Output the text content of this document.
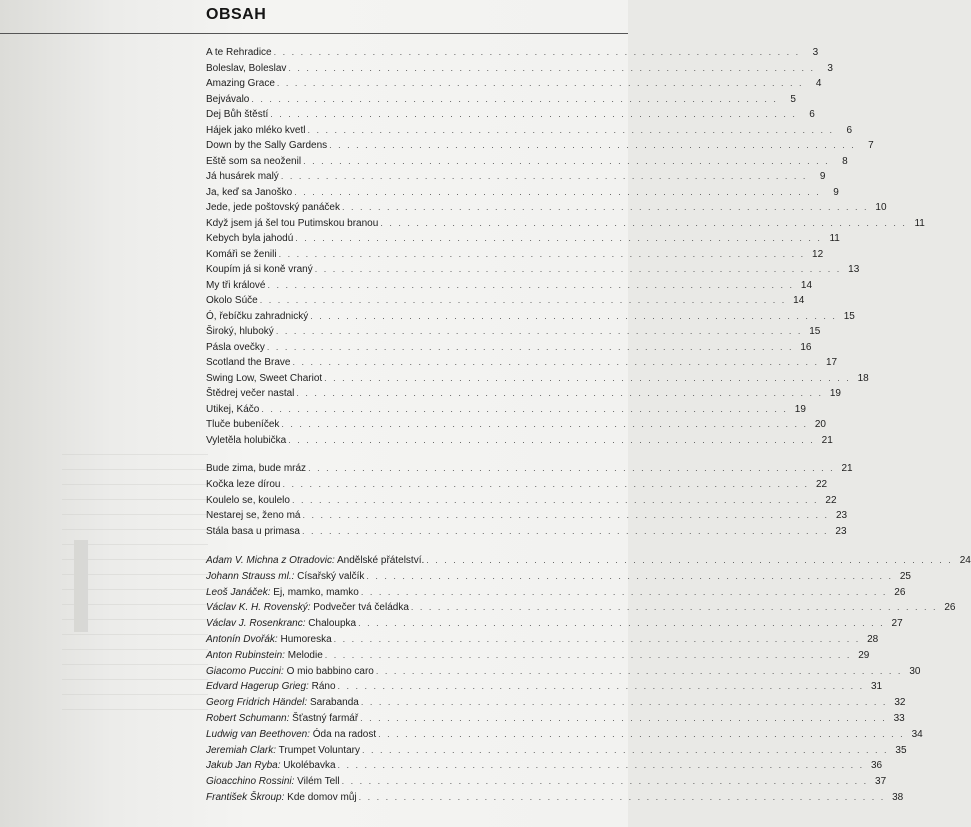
OBSAH
A te Rehradice . . . . . . . . . . . . . . . . . . . . . . . . . . . . . . . . . . . . . . . . . . . . . . . . . . . . . . . . . . .	3
Boleslav, Boleslav . . . . . . . . . . . . . . . . . . . . . . . . . . . . . . . . . . . . . . . . . . . . . . . . . . . . . . . . . . .	3
Amazing Grace . . . . . . . . . . . . . . . . . . . . . . . . . . . . . . . . . . . . . . . . . . . . . . . . . . . . . . . . . . .	4
Bejvávalo . . . . . . . . . . . . . . . . . . . . . . . . . . . . . . . . . . . . . . . . . . . . . . . . . . . . . . . . . . .	5
Dej Bůh štěstí . . . . . . . . . . . . . . . . . . . . . . . . . . . . . . . . . . . . . . . . . . . . . . . . . . . . . . . . . . .	6
Hájek jako mléko kvetl . . . . . . . . . . . . . . . . . . . . . . . . . . . . . . . . . . . . . . . . . . . . . . . . . . . . . . . . . . .	6
Down by the Sally Gardens . . . . . . . . . . . . . . . . . . . . . . . . . . . . . . . . . . . . . . . . . . . . . . . . . . . . . . . . . . .	7
Eště som sa neoženil . . . . . . . . . . . . . . . . . . . . . . . . . . . . . . . . . . . . . . . . . . . . . . . . . . . . . . . . . . .	8
Já husárek malý . . . . . . . . . . . . . . . . . . . . . . . . . . . . . . . . . . . . . . . . . . . . . . . . . . . . . . . . . . .	9
Ja, keď sa Janoško . . . . . . . . . . . . . . . . . . . . . . . . . . . . . . . . . . . . . . . . . . . . . . . . . . . . . . . . . . .	9
Jede, jede poštovský panáček . . . . . . . . . . . . . . . . . . . . . . . . . . . . . . . . . . . . . . . . . . . . . . . . . . . . . . . . . . . 10
Když jsem já šel tou Putimskou branou . . . . . . . . . . . . . . . . . . . . . . . . . . . . . . . . . . . . . . . . . . . . . . . . . . . . . . . . . . . 11
Kebych byla jahodú . . . . . . . . . . . . . . . . . . . . . . . . . . . . . . . . . . . . . . . . . . . . . . . . . . . . . . . . . . . 11
Komáři se ženili . . . . . . . . . . . . . . . . . . . . . . . . . . . . . . . . . . . . . . . . . . . . . . . . . . . . . . . . . . . 12
Koupím já si koně vraný . . . . . . . . . . . . . . . . . . . . . . . . . . . . . . . . . . . . . . . . . . . . . . . . . . . . . . . . . . . 13
My tři králové . . . . . . . . . . . . . . . . . . . . . . . . . . . . . . . . . . . . . . . . . . . . . . . . . . . . . . . . . . . 14
Okolo Súče . . . . . . . . . . . . . . . . . . . . . . . . . . . . . . . . . . . . . . . . . . . . . . . . . . . . . . . . . . . 14
Ó, řebíčku zahradnický . . . . . . . . . . . . . . . . . . . . . . . . . . . . . . . . . . . . . . . . . . . . . . . . . . . . . . . . . . . 15
Široký, hluboký . . . . . . . . . . . . . . . . . . . . . . . . . . . . . . . . . . . . . . . . . . . . . . . . . . . . . . . . . . . 15
Pásla ovečky . . . . . . . . . . . . . . . . . . . . . . . . . . . . . . . . . . . . . . . . . . . . . . . . . . . . . . . . . . . 16
Scotland the Brave . . . . . . . . . . . . . . . . . . . . . . . . . . . . . . . . . . . . . . . . . . . . . . . . . . . . . . . . . . . 17
Swing Low, Sweet Chariot . . . . . . . . . . . . . . . . . . . . . . . . . . . . . . . . . . . . . . . . . . . . . . . . . . . . . . . . . . . 18
Štědrej večer nastal . . . . . . . . . . . . . . . . . . . . . . . . . . . . . . . . . . . . . . . . . . . . . . . . . . . . . . . . . . . 19
Utikej, Káčo . . . . . . . . . . . . . . . . . . . . . . . . . . . . . . . . . . . . . . . . . . . . . . . . . . . . . . . . . . . 19
Tluče bubeníček . . . . . . . . . . . . . . . . . . . . . . . . . . . . . . . . . . . . . . . . . . . . . . . . . . . . . . . . . . . 20
Vyletěla holubička . . . . . . . . . . . . . . . . . . . . . . . . . . . . . . . . . . . . . . . . . . . . . . . . . . . . . . . . . . . 21
Bude zima, bude mráz . . . . . . . . . . . . . . . . . . . . . . . . . . . . . . . . . . . . . . . . . . . . . . . . . . . . . . . . . . . 21
Kočka leze dírou . . . . . . . . . . . . . . . . . . . . . . . . . . . . . . . . . . . . . . . . . . . . . . . . . . . . . . . . . . . 22
Koulelo se, koulelo . . . . . . . . . . . . . . . . . . . . . . . . . . . . . . . . . . . . . . . . . . . . . . . . . . . . . . . . . . . 22
Nestarej se, ženo má . . . . . . . . . . . . . . . . . . . . . . . . . . . . . . . . . . . . . . . . . . . . . . . . . . . . . . . . . . . 23
Stála basa u primasa . . . . . . . . . . . . . . . . . . . . . . . . . . . . . . . . . . . . . . . . . . . . . . . . . . . . . . . . . . . 23
Adam V. Michna z Otradovic: Andělské přátelství. . . . . . . . . . . . . . . . . . . . . . . . . . . . . . . . . . . . . . . . . . . . . . . . . . . . . . . . . . . . 24
Johann Strauss ml.: Císařský valčík . . . . . . . . . . . . . . . . . . . . . . . . . . . . . . . . . . . . . . . . . . . . . . . . . . . . . . . . . . . 25
Leoš Janáček: Ej, mamko, mamko . . . . . . . . . . . . . . . . . . . . . . . . . . . . . . . . . . . . . . . . . . . . . . . . . . . . . . . . . . . 26
Václav K. H. Rovenský: Podvečer tvá čeládka . . . . . . . . . . . . . . . . . . . . . . . . . . . . . . . . . . . . . . . . . . . . . . . . . . . . . . . . . . . 26
Václav J. Rosenkranc: Chaloupka . . . . . . . . . . . . . . . . . . . . . . . . . . . . . . . . . . . . . . . . . . . . . . . . . . . . . . . . . . . 27
Antonín Dvořák: Humoreska . . . . . . . . . . . . . . . . . . . . . . . . . . . . . . . . . . . . . . . . . . . . . . . . . . . . . . . . . . . 28
Anton Rubinstein: Melodie . . . . . . . . . . . . . . . . . . . . . . . . . . . . . . . . . . . . . . . . . . . . . . . . . . . . . . . . . . . 29
Giacomo Puccini: O mio babbino caro . . . . . . . . . . . . . . . . . . . . . . . . . . . . . . . . . . . . . . . . . . . . . . . . . . . . . . . . . . . 30
Edvard Hagerup Grieg: Ráno . . . . . . . . . . . . . . . . . . . . . . . . . . . . . . . . . . . . . . . . . . . . . . . . . . . . . . . . . . . 31
Georg Fridrich Händel: Sarabanda . . . . . . . . . . . . . . . . . . . . . . . . . . . . . . . . . . . . . . . . . . . . . . . . . . . . . . . . . . . 32
Robert Schumann: Šťastný farmář . . . . . . . . . . . . . . . . . . . . . . . . . . . . . . . . . . . . . . . . . . . . . . . . . . . . . . . . . . . 33
Ludwig van Beethoven: Óda na radost . . . . . . . . . . . . . . . . . . . . . . . . . . . . . . . . . . . . . . . . . . . . . . . . . . . . . . . . . . . 34
Jeremiah Clark: Trumpet Voluntary . . . . . . . . . . . . . . . . . . . . . . . . . . . . . . . . . . . . . . . . . . . . . . . . . . . . . . . . . . . 35
Jakub Jan Ryba: Ukolébavka . . . . . . . . . . . . . . . . . . . . . . . . . . . . . . . . . . . . . . . . . . . . . . . . . . . . . . . . . . . 36
Gioacchino Rossini: Vilém Tell . . . . . . . . . . . . . . . . . . . . . . . . . . . . . . . . . . . . . . . . . . . . . . . . . . . . . . . . . . . 37
František Škroup: Kde domov můj . . . . . . . . . . . . . . . . . . . . . . . . . . . . . . . . . . . . . . . . . . . . . . . . . . . . . . . . . . . 38
